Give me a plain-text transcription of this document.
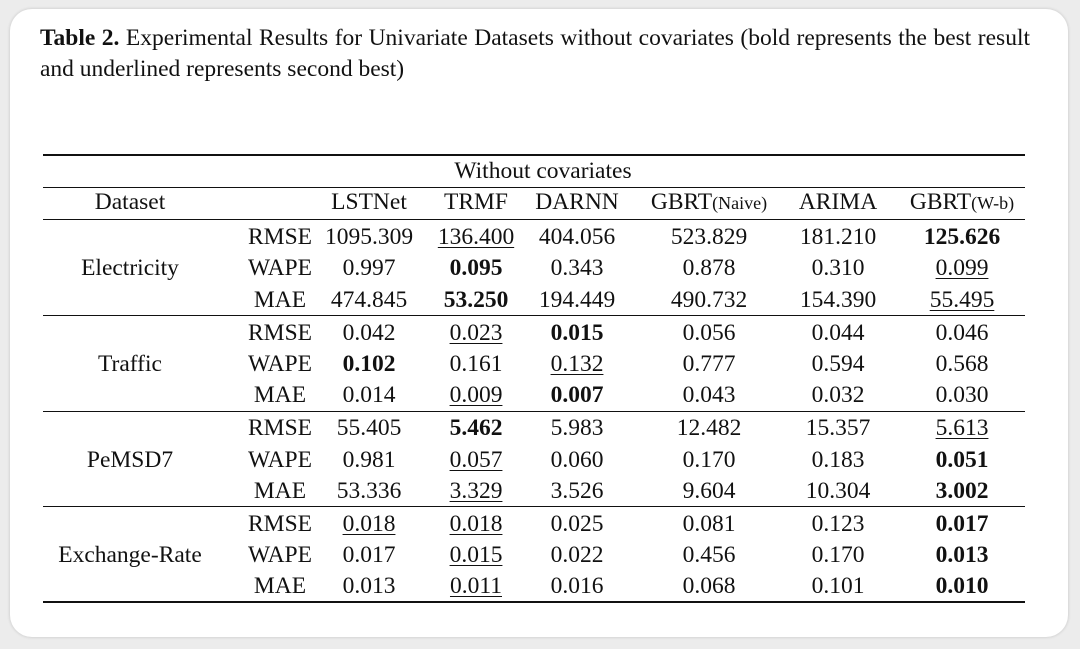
Table 2. Experimental Results for Univariate Datasets without covariates (bold represents the best result and underlined represents second best)
Without covariates
Dataset	LSTNet	TRMF	DARNN	GBRT(Naive)	ARIMA	GBRT(W-b)
RMSE 1095.309	136.400	404.056	523.829	181.210	125.626
WAPE	0.997	0.095	0.343	0.878	0.310	0.099
MAE	474.845	53.250	194.449	490.732	154.390	55.495
Electricity
RMSE	0.042	0.023	0.015	0.056	0.044	0.046
WAPE	0.102	0.161	0.132	0.777	0.594	0.568
MAE	0.014	0.009	0.007	0.043	0.032	0.030
Traffic
RMSE	55.405	5.462	5.983	12.482	15.357	5.613
WAPE	0.981	0.057	0.060	0.170	0.183	0.051
MAE	53.336	3.329	3.526	9.604	10.304	3.002
PeMSD7
RMSE	0.018	0.018	0.025	0.081	0.123	0.017
WAPE	0.017	0.015	0.022	0.456	0.170	0.013
MAE	0.013	0.011	0.016	0.068	0.101	0.010
Exchange-Rate
